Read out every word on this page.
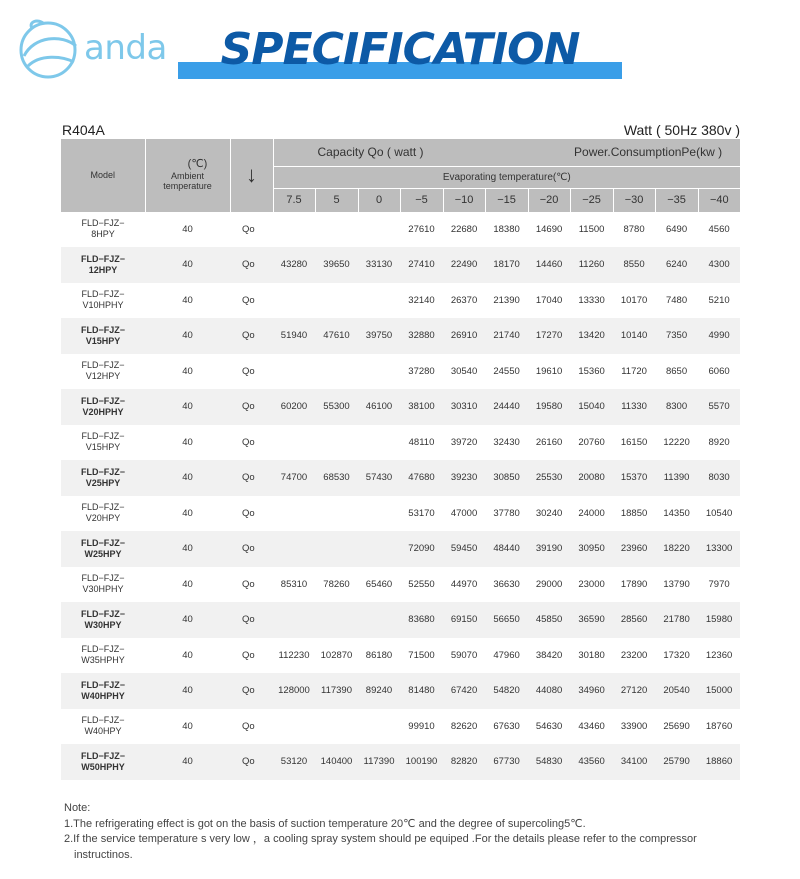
anda	SPECIFICATION
R404A	Watt ( 50Hz 380v )
Model	(℃)
Ambient
temperature	↓	Capacity Qo ( watt )					Power.ConsumptionPe(kw )					
			Evaporating temperature(℃)										
			7.5	5	0	−5	−10	−15	−20	−25	−30	−35	−40
FLD−FJZ−
8HPY	40	Qo				27610	22680	18380	14690	11500	8780	6490	4560
FLD−FJZ−
12HPY	40	Qo	43280	39650	33130	27410	22490	18170	14460	11260	8550	6240	4300
FLD−FJZ−
V10HPHY	40	Qo				32140	26370	21390	17040	13330	10170	7480	5210
FLD−FJZ−
V15HPY	40	Qo	51940	47610	39750	32880	26910	21740	17270	13420	10140	7350	4990
FLD−FJZ−
V12HPY	40	Qo				37280	30540	24550	19610	15360	11720	8650	6060
FLD−FJZ−
V20HPHY	40	Qo	60200	55300	46100	38100	30310	24440	19580	15040	11330	8300	5570
FLD−FJZ−
V15HPY	40	Qo				48110	39720	32430	26160	20760	16150	12220	8920
FLD−FJZ−
V25HPY	40	Qo	74700	68530	57430	47680	39230	30850	25530	20080	15370	11390	8030
FLD−FJZ−
V20HPY	40	Qo				53170	47000	37780	30240	24000	18850	14350	10540
FLD−FJZ−
W25HPY	40	Qo				72090	59450	48440	39190	30950	23960	18220	13300
FLD−FJZ−
V30HPHY	40	Qo	85310	78260	65460	52550	44970	36630	29000	23000	17890	13790	7970
FLD−FJZ−
W30HPY	40	Qo				83680	69150	56650	45850	36590	28560	21780	15980
FLD−FJZ−
W35HPHY	40	Qo	112230	102870	86180	71500	59070	47960	38420	30180	23200	17320	12360
FLD−FJZ−
W40HPHY	40	Qo	128000	117390	89240	81480	67420	54820	44080	34960	27120	20540	15000
FLD−FJZ−
W40HPY	40	Qo				99910	82620	67630	54630	43460	33900	25690	18760
FLD−FJZ−
W50HPHY	40	Qo	53120	140400	117390	100190	82820	67730	54830	43560	34100	25790	18860

Note:

1.The refrigerating effect is got on the basis of suction temperature 20℃ and the degree of supercoling5℃.

2.If the service temperature s very low ，a cooling spray system should pe equiped .For the details please refer to the compressor

instructinos.
